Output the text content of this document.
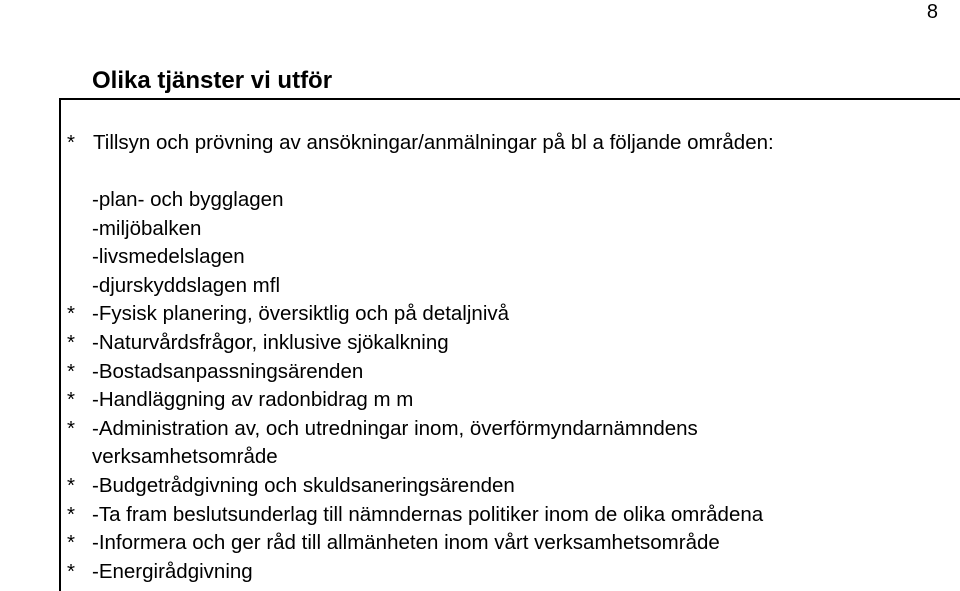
8
Olika tjänster vi utför
* Tillsyn och prövning av ansökningar/anmälningar på bl a följande områden:
-plan- och bygglagen
-miljöbalken
-livsmedelslagen
-djurskyddslagen mfl
* -Fysisk planering, översiktlig och på detaljnivå
* -Naturvårdsfrågor, inklusive sjökalkning
* -Bostadsanpassningsärenden
* -Handläggning av radonbidrag m m
* -Administration av, och utredningar inom, överförmyndarnämndens
verksamhetsområde
* -Budgetrådgivning och skuldsaneringsärenden
* -Ta fram beslutsunderlag till nämndernas politiker inom de olika områdena
* -Informera och ger råd till allmänheten inom vårt verksamhetsområde
* -Energirådgivning
